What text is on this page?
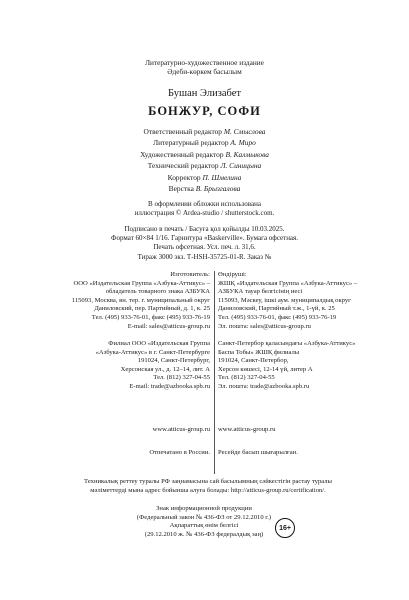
Литературно-художественное издание
Әдеби-көркем басылым
Бушан Элизабет
БОНЖУР, СОФИ
Ответственный редактор М. Смыслова
Литературный редактор А. Миро
Художественный редактор В. Калмыкова
Технический редактор Л. Синицына
Корректор П. Шмелина
Верстка В. Брызгалова
В оформлении обложки использована
иллюстрация © Ardea-studio / shutterstock.com.
Подписано в печать / Басуға қол қойылды 10.03.2025.
Формат 60×84 1/16. Гарнитура «Baskerville». Бумага офсетная.
Печать офсетная. Усл. печ. л. 31,6.
Тираж 3000 экз. Т-HSH-35725-01-R. Заказ №
Изготовитель:
ООО «Издательская Группа «Азбука-Аттикус» –
обладатель товарного знака АЗБУКА
115093, Москва, вн. тер. г. муниципальный округ
Даниловский, пер. Партийный, д. 1, к. 25
Тел. (495) 933-76-01, факс (495) 933-76-19
E-mail: sales@atticus-group.ru
Филиал ООО «Издательская Группа
«Азбука-Аттикус» в г. Санкт-Петербурге
191024, Санкт-Петербург,
Херсонская ул., д. 12–14, лит. А
Тел. (812) 327-04-55
E-mail: trade@azbooka.spb.ru
www.atticus-group.ru
Отпечатано в России.
Өндіруші:
ЖШҚ «Издательская Группа «Азбука-Аттикус» –
АЗБУКА тауар белгісінің иесі
115093, Мәскеу, ішкі аум. муниципалдық округ
Даниловский, Партийный т.ж., 1-үй, к. 25
Тел. (495) 933-76-01, факс (495) 933-76-19
Эл. пошта: sales@atticus-group.ru
Санкт-Петербор қаласындағы «Азбука-Аттикус»
Баспа Тобы» ЖШҚ филиалы
191024, Санкт-Петербор,
Херсон көшесі, 12-14 үй, литер А
Тел. (812) 327-04-55
Эл. пошта: trade@azbooka.spb.ru
www.atticus-group.ru
Ресейде басып шығарылған.
Техникалық реттеу туралы РФ заңнамасына сай басылымның сәйкестігін растау туралы
мәліметтерді мына адрес бойынша алуға болады: http://atticus-group.ru/certification/.
Знак информационной продукции
(Федеральный закон № 436-ФЗ от 29.12.2010 г.)
Ақпараттық өнім белгісі
(29.12.2010 ж. № 436-ФЗ федералдық заң)
16+
